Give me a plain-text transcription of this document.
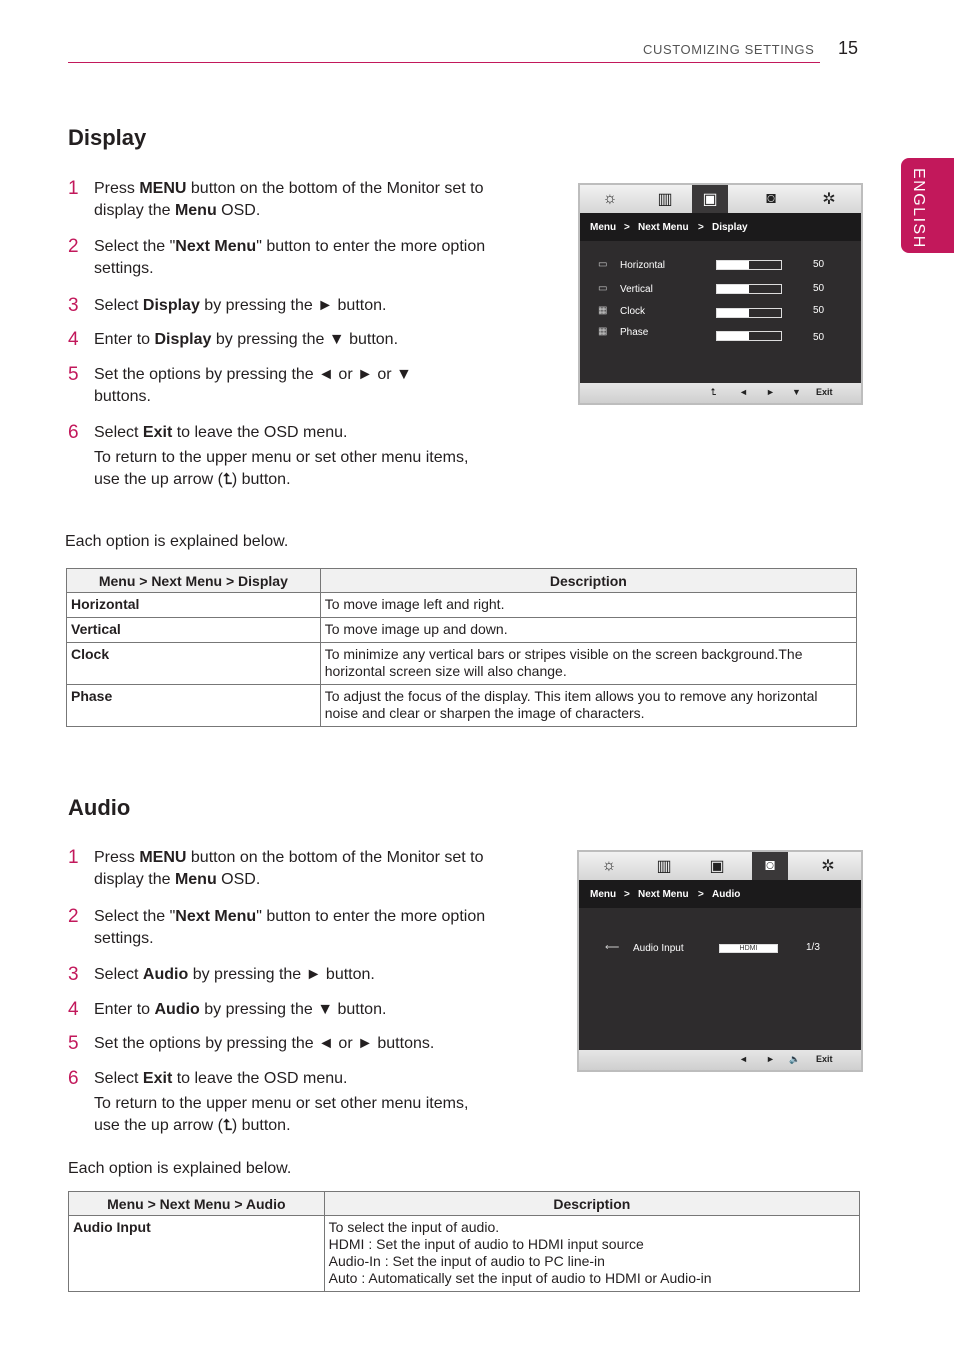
CUSTOMIZING SETTINGS 15
ENGLISH
Display
1 Press MENU button on the bottom of the Monitor set to display the Menu OSD.
2 Select the "Next Menu" button to enter the more option settings.
3 Select Display by pressing the ► button.
4 Enter to Display by pressing the ▼ button.
5 Set the options by pressing the ◄ or ► or ▼ buttons.
6 Select Exit to leave the OSD menu.
To return to the upper menu or set other menu items, use the up arrow (⮤) button.
☼	▥	▣	◙	✲
Menu > Next Menu > Display
▭ Horizontal	50
▭ Vertical	50
▦ Clock	50
▦ Phase	50
⮤	◄ ► ▼ Exit
Each option is explained below.
Menu > Next Menu > Display	Description
Horizontal	To move image left and right.
Vertical	To move image up and down.
Clock	To minimize any vertical bars or stripes visible on the screen background.The horizontal screen size will also change.
Phase	To adjust the focus of the display. This item allows you to remove any horizontal noise and clear or sharpen the image of characters.
Audio
1 Press MENU button on the bottom of the Monitor set to display the Menu OSD.
2 Select the "Next Menu" button to enter the more option settings.
3 Select Audio by pressing the ► button.
4 Enter to Audio by pressing the ▼ button.
5 Set the options by pressing the ◄ or ► buttons.
6 Select Exit to leave the OSD menu.
To return to the upper menu or set other menu items, use the up arrow (⮤) button.
☼	▥	▣	◙	✲
Menu > Next Menu > Audio
⟵ Audio Input	HDMI	1/3
◄ ► 🔈 Exit
Each option is explained below.
Menu > Next Menu > Audio	Description
Audio Input	To select the input of audio.
HDMI : Set the input of audio to HDMI input source
Audio-In : Set the input of audio to PC line-in
Auto : Automatically set the input of audio to HDMI or Audio-in
